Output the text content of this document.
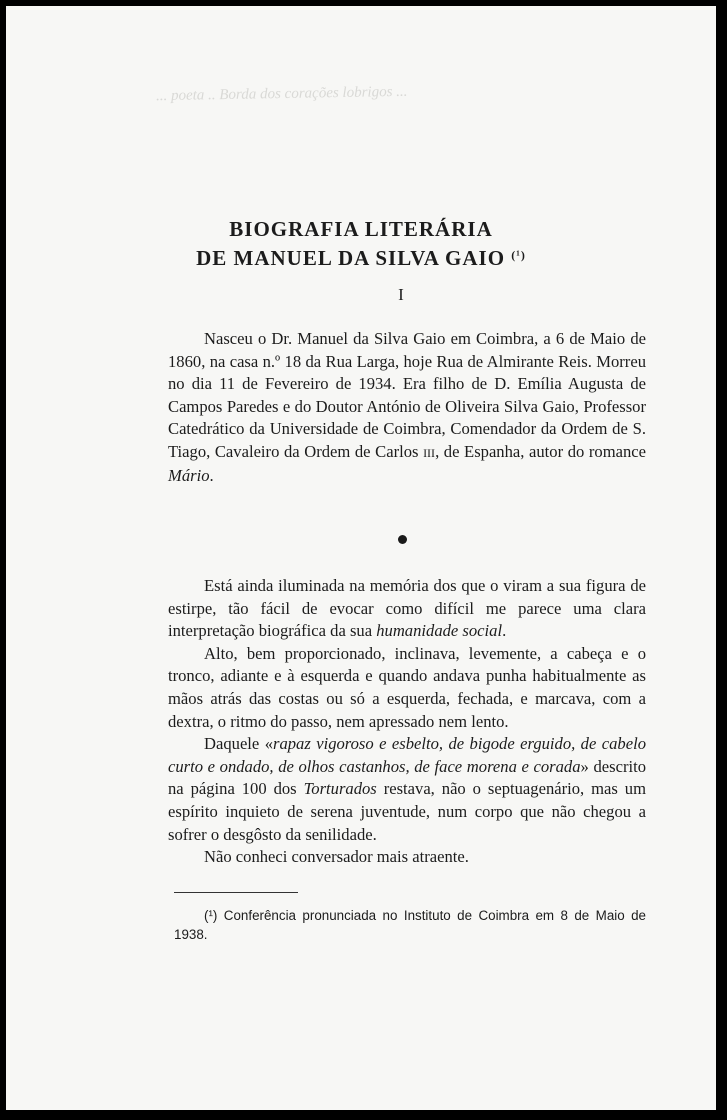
... poeta .. Borda dos corações lobrigos ...
BIOGRAFIA LITERÁRIA
DE MANUEL DA SILVA GAIO $^{(^1)}$
I

Nasceu o Dr. Manuel da Silva Gaio em Coimbra, a 6 de Maio de 1860, na casa n.º 18 da Rua Larga, hoje Rua de Almirante Reis. Morreu no dia 11 de Fevereiro de 1934. Era filho de D. Emília Augusta de Campos Paredes e do Doutor António de Oliveira Silva Gaio, Professor Catedrático da Universidade de Coimbra, Comendador da Ordem de S. Tiago, Cavaleiro da Ordem de Carlos III, de Espanha, autor do romance Mário.

Está ainda iluminada na memória dos que o viram a sua figura de estirpe, tão fácil de evocar como difícil me parece uma clara interpretação biográfica da sua humanidade social.

Alto, bem proporcionado, inclinava, levemente, a cabeça e o tronco, adiante e à esquerda e quando andava punha habitualmente as mãos atrás das costas ou só a esquerda, fechada, e marcava, com a dextra, o ritmo do passo, nem apressado nem lento.

Daquele «rapaz vigoroso e esbelto, de bigode erguido, de cabelo curto e ondado, de olhos castanhos, de face morena e corada» descrito na página 100 dos Torturados restava, não o septuagenário, mas um espírito inquieto de serena juventude, num corpo que não chegou a sofrer o desgôsto da senilidade.

Não conheci conversador mais atraente.

(¹) Conferência pronunciada no Instituto de Coimbra em 8 de Maio de 1938.
